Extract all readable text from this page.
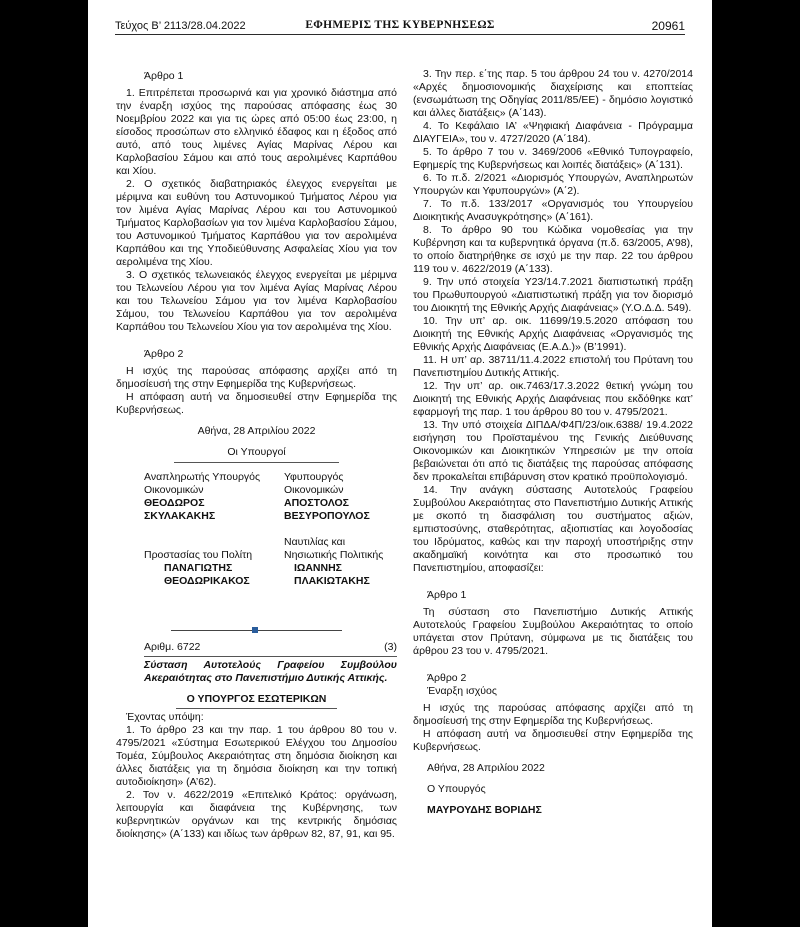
Τεύχος Β’ 2113/28.04.2022	ΕΦΗΜΕΡΙΣ ΤΗΣ ΚΥΒΕΡΝΗΣΕΩΣ	20961
Άρθρο 1

1. Επιτρέπεται προσωρινά και για χρονικό διάστημα από την έναρξη ισχύος της παρούσας απόφασης έως 30 Νοεμβρίου 2022 και για τις ώρες από 05:00 έως 23:00, η είσοδος προσώπων στο ελληνικό έδαφος και η έξοδος από αυτό, από τους λιμένες Αγίας Μαρίνας Λέρου και Καρλοβασίου Σάμου και από τους αερολιμένες Καρπάθου και Χίου.

2. Ο σχετικός διαβατηριακός έλεγχος ενεργείται με μέριμνα και ευθύνη του Αστυνομικού Τμήματος Λέρου για τον λιμένα Αγίας Μαρίνας Λέρου και του Αστυνομικού Τμήματος Καρλοβασίων για τον λιμένα Καρλοβασίου Σάμου, του Αστυνομικού Τμήματος Καρπάθου για τον αερολιμένα Καρπάθου και της Υποδιεύθυνσης Ασφαλείας Χίου για τον αερολιμένα της Χίου.

3. Ο σχετικός τελωνειακός έλεγχος ενεργείται με μέριμνα του Τελωνείου Λέρου για τον λιμένα Αγίας Μαρίνας Λέρου και του Τελωνείου Σάμου για τον λιμένα Καρλοβασίου Σάμου, του Τελωνείου Καρπάθου για τον αερολιμένα Καρπάθου του Τελωνείου Χίου για τον αερολιμένα της Χίου.

Άρθρο 2

Η ισχύς της παρούσας απόφασης αρχίζει από τη δημοσίευσή της στην Εφημερίδα της Κυβερνήσεως.

Η απόφαση αυτή να δημοσιευθεί στην Εφημερίδα της Κυβερνήσεως.

Αθήνα, 28 Απριλίου 2022
Οι Υπουργοί
Αναπληρωτής Υπουργός Οικονομικών
ΘΕΟΔΩΡΟΣ ΣΚΥΛΑΚΑΚΗΣ
Υφυπουργός Οικονομικών
ΑΠΟΣΤΟΛΟΣ ΒΕΣΥΡΟΠΟΥΛΟΣ
Προστασίας του Πολίτη
ΠΑΝΑΓΙΩΤΗΣ ΘΕΟΔΩΡΙΚΑΚΟΣ
Ναυτιλίας και Νησιωτικής Πολιτικής
ΙΩΑΝΝΗΣ ΠΛΑΚΙΩΤΑΚΗΣ
Αριθμ. 6722	(3)
Σύσταση Αυτοτελούς Γραφείου Συμβούλου Ακεραιότητας στο Πανεπιστήμιο Δυτικής Αττικής.
Ο ΥΠΟΥΡΓΟΣ ΕΣΩΤΕΡΙΚΩΝ

Έχοντας υπόψη:

1. Το άρθρο 23 και την παρ. 1 του άρθρου 80 του ν. 4795/2021 «Σύστημα Εσωτερικού Ελέγχου του Δημοσίου Τομέα, Σύμβουλος Ακεραιότητας στη δημόσια διοίκηση και άλλες διατάξεις για τη δημόσια διοίκηση και την τοπική αυτοδιοίκηση» (Α’62).

2. Τον ν. 4622/2019 «Επιτελικό Κράτος: οργάνωση, λειτουργία και διαφάνεια της Κυβέρνησης, των κυβερνητικών οργάνων και της κεντρικής δημόσιας διοίκησης» (Α΄133) και ιδίως των άρθρων 82, 87, 91, και 95.

3. Την περ. ε΄της παρ. 5 του άρθρου 24 του ν. 4270/2014 «Αρχές δημοσιονομικής διαχείρισης και εποπτείας (ενσωμάτωση της Οδηγίας 2011/85/ΕΕ) - δημόσιο λογιστικό και άλλες διατάξεις» (Α΄143).

4. Το Κεφάλαιο ΙΑ’ «Ψηφιακή Διαφάνεια - Πρόγραμμα ΔΙΑΥΓΕΙΑ», του ν. 4727/2020 (Α΄184).

5. Το άρθρο 7 του ν. 3469/2006 «Εθνικό Τυπογραφείο, Εφημερίς της Κυβερνήσεως και λοιπές διατάξεις» (Α΄131).

6. Το π.δ. 2/2021 «Διορισμός Υπουργών, Αναπληρωτών Υπουργών και Υφυπουργών» (Α΄2).

7. Το π.δ. 133/2017 «Οργανισμός του Υπουργείου Διοικητικής Ανασυγκρότησης» (Α΄161).

8. Το άρθρο 90 του Κώδικα νομοθεσίας για την Κυβέρνηση και τα κυβερνητικά όργανα (π.δ. 63/2005, Α’98), το οποίο διατηρήθηκε σε ισχύ με την παρ. 22 του άρθρου 119 του ν. 4622/2019 (Α΄133).

9. Την υπό στοιχεία Υ23/14.7.2021 διαπιστωτική πράξη του Πρωθυπουργού «Διαπιστωτική πράξη για τον διορισμό του Διοικητή της Εθνικής Αρχής Διαφάνειας» (Υ.Ο.Δ.Δ. 549).

10. Την υπ’ αρ. οικ. 11699/19.5.2020 απόφαση του Διοικητή της Εθνικής Αρχής Διαφάνειας «Οργανισμός της Εθνικής Αρχής Διαφάνειας (Ε.Α.Δ.)» (Β’1991).

11. Η υπ’ αρ. 38711/11.4.2022 επιστολή του Πρύτανη του Πανεπιστημίου Δυτικής Αττικής.

12. Την υπ’ αρ. οικ.7463/17.3.2022 θετική γνώμη του Διοικητή της Εθνικής Αρχής Διαφάνειας που εκδόθηκε κατ’ εφαρμογή της παρ. 1 του άρθρου 80 του ν. 4795/2021.

13. Την υπό στοιχεία ΔΙΠΔΑ/Φ4Π/23/οικ.6388/ 19.4.2022 εισήγηση του Προϊσταμένου της Γενικής Διεύθυνσης Οικονομικών και Διοικητικών Υπηρεσιών με την οποία βεβαιώνεται ότι από τις διατάξεις της παρούσας απόφασης δεν προκαλείται επιβάρυνση στον κρατικό προϋπολογισμό.

14. Την ανάγκη σύστασης Αυτοτελούς Γραφείου Συμβούλου Ακεραιότητας στο Πανεπιστήμιο Δυτικής Αττικής με σκοπό τη διασφάλιση του συστήματος αξιών, εμπιστοσύνης, σταθερότητας, αξιοπιστίας και λογοδοσίας του Ιδρύματος, καθώς και την παροχή υποστήριξης στην ακαδημαϊκή κοινότητα και στο προσωπικό του Πανεπιστημίου, αποφασίζει:

Άρθρο 1

Τη σύσταση στο Πανεπιστήμιο Δυτικής Αττικής Αυτοτελούς Γραφείου Συμβούλου Ακεραιότητας το οποίο υπάγεται στον Πρύτανη, σύμφωνα με τις διατάξεις του άρθρου 23 του ν. 4795/2021.

Άρθρο 2
Έναρξη ισχύος

Η ισχύς της παρούσας απόφασης αρχίζει από τη δημοσίευσή της στην Εφημερίδα της Κυβερνήσεως.

Η απόφαση αυτή να δημοσιευθεί στην Εφημερίδα της Κυβερνήσεως.

Αθήνα, 28 Απριλίου 2022
Ο Υπουργός
ΜΑΥΡΟΥΔΗΣ ΒΟΡΙΔΗΣ
